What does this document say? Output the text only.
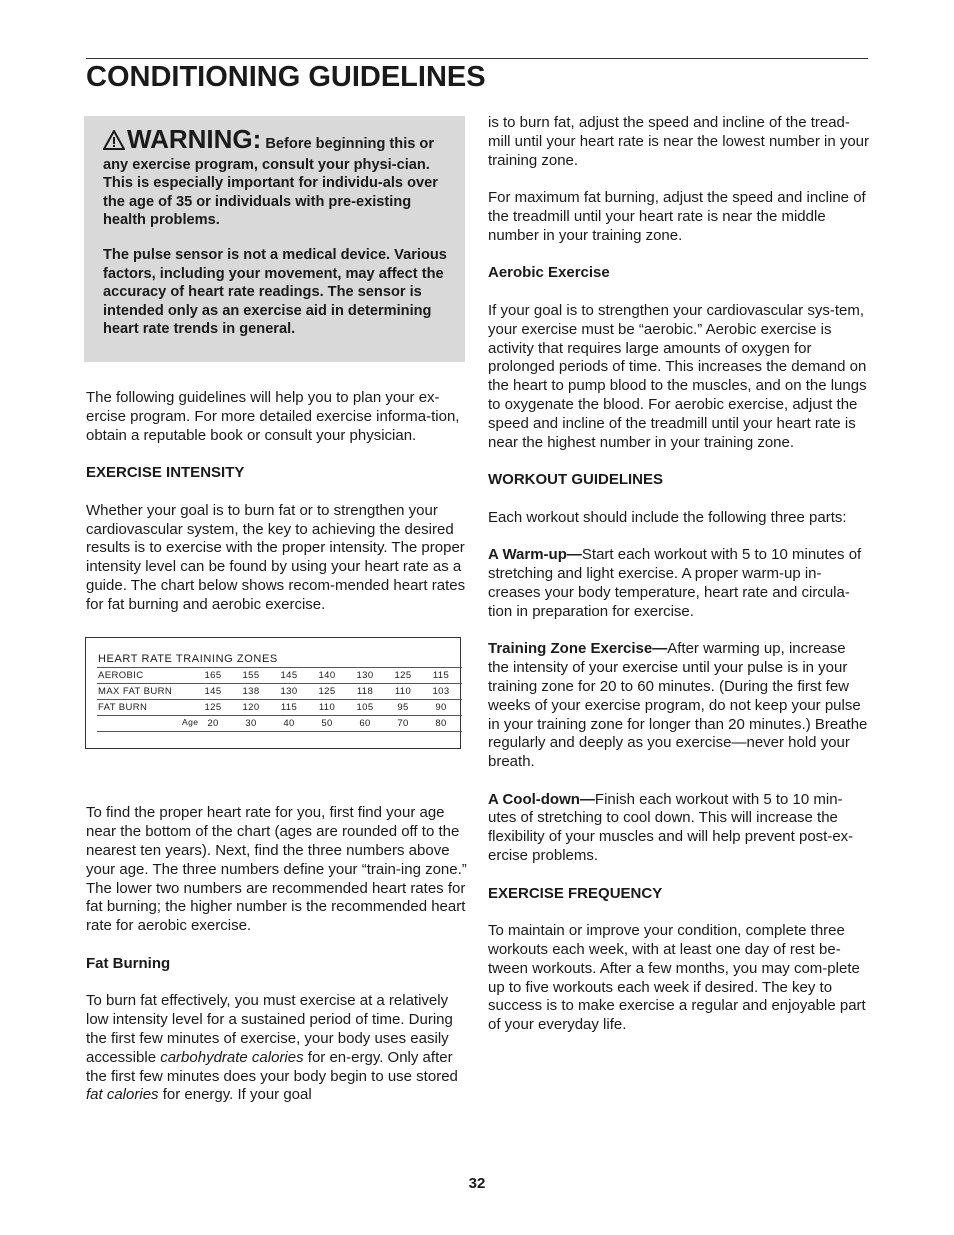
CONDITIONING GUIDELINES

WARNING: Before beginning this or any exercise program, consult your physi-cian. This is especially important for individu-als over the age of 35 or individuals with pre-existing health problems.

The pulse sensor is not a medical device. Various factors, including your movement, may affect the accuracy of heart rate readings. The sensor is intended only as an exercise aid in determining heart rate trends in general.

The following guidelines will help you to plan your ex-ercise program. For more detailed exercise informa-tion, obtain a reputable book or consult your physician.

EXERCISE INTENSITY

Whether your goal is to burn fat or to strengthen your cardiovascular system, the key to achieving the desired results is to exercise with the proper intensity. The proper intensity level can be found by using your heart rate as a guide. The chart below shows recom-mended heart rates for fat burning and aerobic exercise.

To find the proper heart rate for you, first find your age near the bottom of the chart (ages are rounded off to the nearest ten years). Next, find the three numbers above your age. The three numbers define your “train-ing zone.” The lower two numbers are recommended heart rates for fat burning; the higher number is the recommended heart rate for aerobic exercise.

Fat Burning

To burn fat effectively, you must exercise at a relatively low intensity level for a sustained period of time. During the first few minutes of exercise, your body uses easily accessible carbohydrate calories for en-ergy. Only after the first few minutes does your body begin to use stored fat calories for energy. If your goal

HEART RATE TRAINING ZONES
AEROBIC	165	155	145	140	130	125	115
MAX FAT BURN	145	138	130	125	118	110	103
FAT BURN	125	120	115	110	105	95	90
Age 20	30	40	50	60	70	80

is to burn fat, adjust the speed and incline of the tread-mill until your heart rate is near the lowest number in your training zone.

For maximum fat burning, adjust the speed and incline of the treadmill until your heart rate is near the middle number in your training zone.

Aerobic Exercise

If your goal is to strengthen your cardiovascular sys-tem, your exercise must be “aerobic.” Aerobic exercise is activity that requires large amounts of oxygen for prolonged periods of time. This increases the demand on the heart to pump blood to the muscles, and on the lungs to oxygenate the blood. For aerobic exercise, adjust the speed and incline of the treadmill until your heart rate is near the highest number in your training zone.

WORKOUT GUIDELINES

Each workout should include the following three parts:

A Warm-up—Start each workout with 5 to 10 minutes of stretching and light exercise. A proper warm-up in-creases your body temperature, heart rate and circula-tion in preparation for exercise.

Training Zone Exercise—After warming up, increase the intensity of your exercise until your pulse is in your training zone for 20 to 60 minutes. (During the first few weeks of your exercise program, do not keep your pulse in your training zone for longer than 20 minutes.) Breathe regularly and deeply as you exercise—never hold your breath.

A Cool-down—Finish each workout with 5 to 10 min-utes of stretching to cool down. This will increase the flexibility of your muscles and will help prevent post-ex-ercise problems.

EXERCISE FREQUENCY

To maintain or improve your condition, complete three workouts each week, with at least one day of rest be-tween workouts. After a few months, you may com-plete up to five workouts each week if desired. The key to success is to make exercise a regular and enjoyable part of your everyday life.

32
